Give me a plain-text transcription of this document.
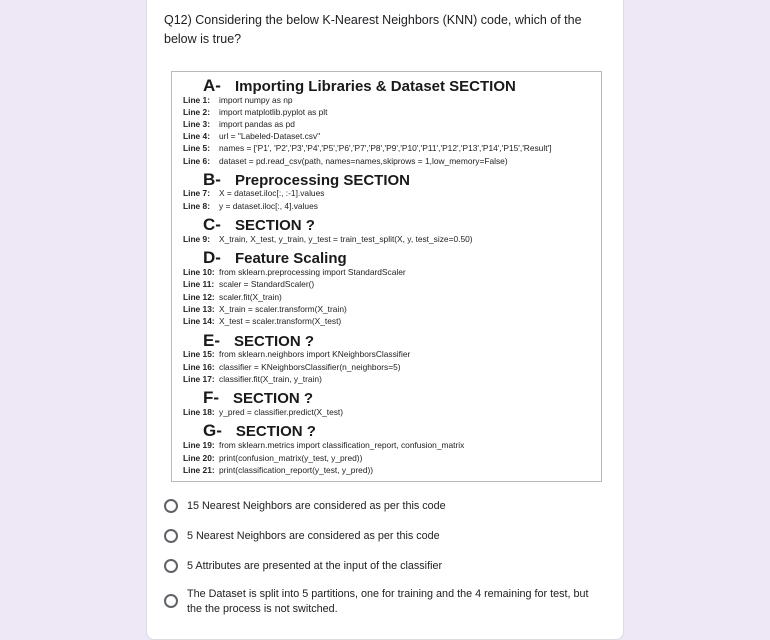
Q12) Considering the below K-Nearest Neighbors (KNN) code, which of the below is true?
A- Importing Libraries & Dataset SECTION
Line 1: import numpy as np
Line 2: import matplotlib.pyplot as plt
Line 3: import pandas as pd
Line 4: url = "Labeled-Dataset.csv"
Line 5: names = ['P1', 'P2','P3','P4','P5','P6','P7','P8','P9','P10','P11','P12','P13','P14','P15','Result']
Line 6: dataset = pd.read_csv(path, names=names,skiprows = 1,low_memory=False)
B- Preprocessing SECTION
Line 7: X = dataset.iloc[:, :-1].values
Line 8: y = dataset.iloc[:, 4].values
C- SECTION ?
Line 9: X_train, X_test, y_train, y_test = train_test_split(X, y, test_size=0.50)
D- Feature Scaling
Line 10: from sklearn.preprocessing import StandardScaler
Line 11: scaler = StandardScaler()
Line 12: scaler.fit(X_train)
Line 13: X_train = scaler.transform(X_train)
Line 14: X_test = scaler.transform(X_test)
E- SECTION ?
Line 15: from sklearn.neighbors import KNeighborsClassifier
Line 16: classifier = KNeighborsClassifier(n_neighbors=5)
Line 17: classifier.fit(X_train, y_train)
F- SECTION ?
Line 18: y_pred = classifier.predict(X_test)
G- SECTION ?
Line 19: from sklearn.metrics import classification_report, confusion_matrix
Line 20: print(confusion_matrix(y_test, y_pred))
Line 21: print(classification_report(y_test, y_pred))
15 Nearest Neighbors are considered as per this code
5 Nearest Neighbors are considered as per this code
5 Attributes are presented at the input of the classifier
The Dataset is split into 5 partitions, one for training and the 4 remaining for test, but the the process is not switched.
